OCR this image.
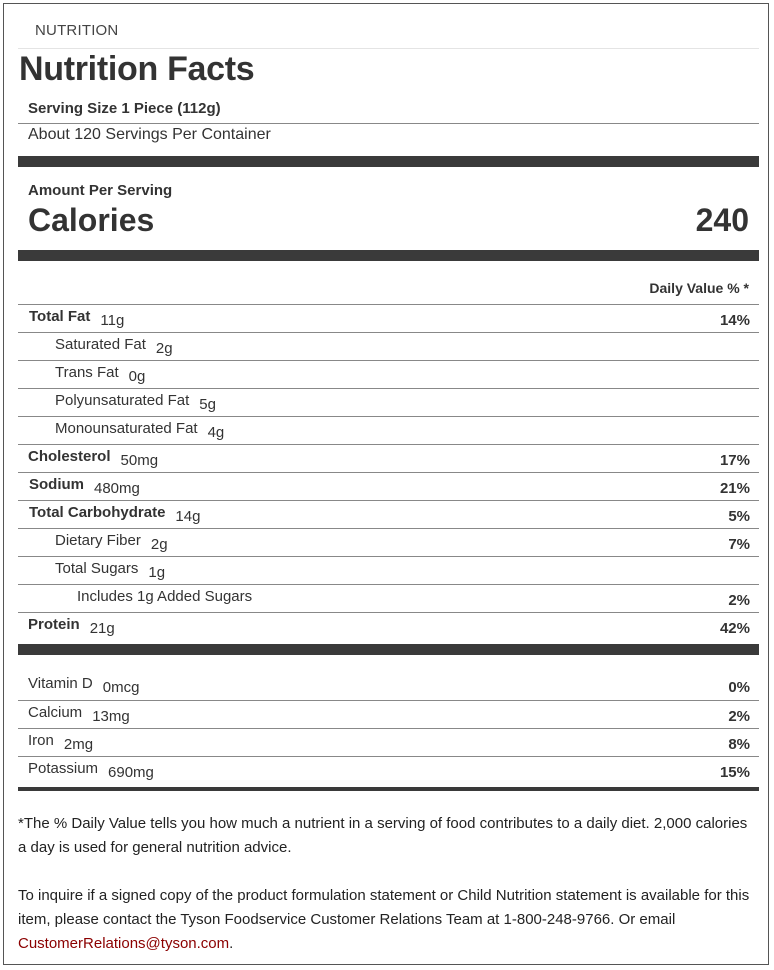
NUTRITION
Nutrition Facts
Serving Size 1 Piece (112g)
About 120 Servings Per Container
Amount Per Serving
Calories	240
Daily Value % *
Total Fat 11g	14%
Saturated Fat 2g
Trans Fat 0g
Polyunsaturated Fat 5g
Monounsaturated Fat 4g
Cholesterol 50mg	17%
Sodium 480mg	21%
Total Carbohydrate 14g	5%
Dietary Fiber 2g	7%
Total Sugars 1g
Includes 1g Added Sugars	2%
Protein 21g	42%
Vitamin D 0mcg	0%
Calcium 13mg	2%
Iron 2mg	8%
Potassium 690mg	15%
*The % Daily Value tells you how much a nutrient in a serving of food contributes to a daily diet. 2,000 calories a day is used for general nutrition advice.
To inquire if a signed copy of the product formulation statement or Child Nutrition statement is available for this item, please contact the Tyson Foodservice Customer Relations Team at 1-800-248-9766. Or email CustomerRelations@tyson.com.
